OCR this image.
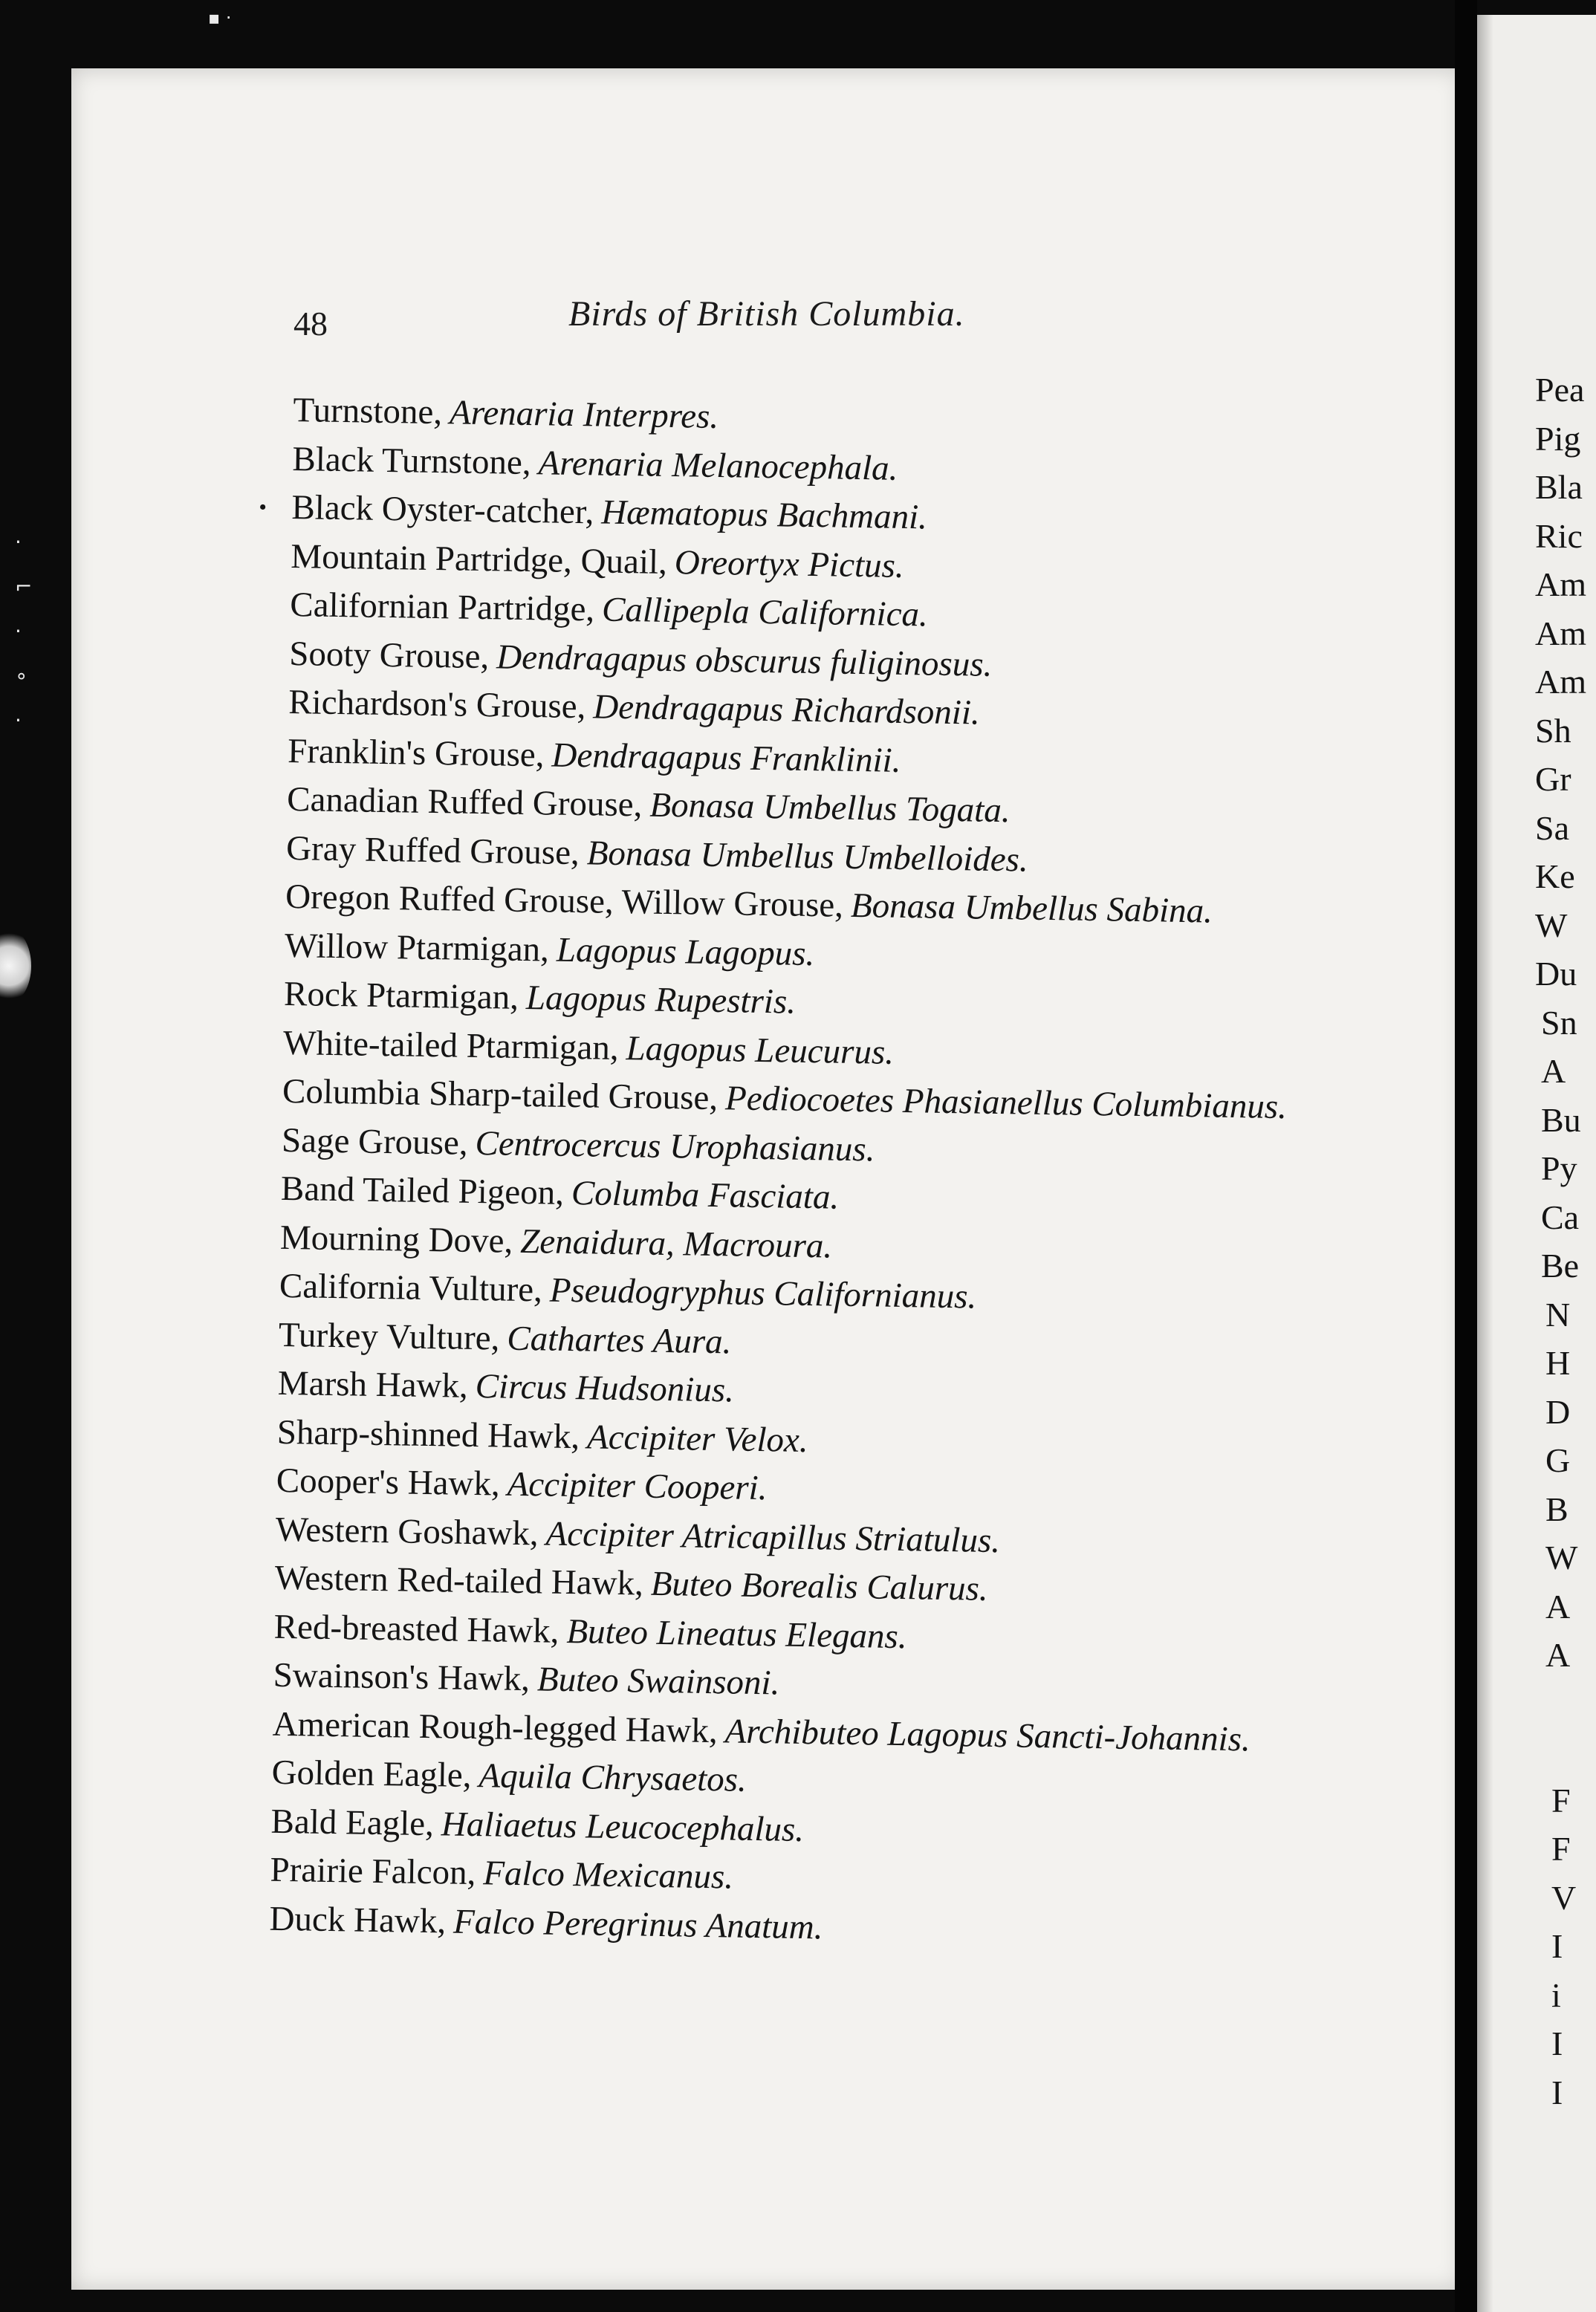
▪ ·
·
⌐
·
∘
·
48	Birds of British Columbia.
Turnstone, Arenaria Interpres.
Black Turnstone, Arenaria Melanocephala.
• Black Oyster-catcher, Hæmatopus Bachmani.
Mountain Partridge, Quail, Oreortyx Pictus.
Californian Partridge, Callipepla Californica.
Sooty Grouse, Dendragapus obscurus fuliginosus.
Richardson's Grouse, Dendragapus Richardsonii.
Franklin's Grouse, Dendragapus Franklinii.
Canadian Ruffed Grouse, Bonasa Umbellus Togata.
Gray Ruffed Grouse, Bonasa Umbellus Umbelloides.
Oregon Ruffed Grouse, Willow Grouse, Bonasa Umbellus Sabina.
Willow Ptarmigan, Lagopus Lagopus.
Rock Ptarmigan, Lagopus Rupestris.
White-tailed Ptarmigan, Lagopus Leucurus.
Columbia Sharp-tailed Grouse, Pediocoetes Phasianellus Columbianus.
Sage Grouse, Centrocercus Urophasianus.
Band Tailed Pigeon, Columba Fasciata.
Mourning Dove, Zenaidura, Macroura.
California Vulture, Pseudogryphus Californianus.
Turkey Vulture, Cathartes Aura.
Marsh Hawk, Circus Hudsonius.
Sharp-shinned Hawk, Accipiter Velox.
Cooper's Hawk, Accipiter Cooperi.
Western Goshawk, Accipiter Atricapillus Striatulus.
Western Red-tailed Hawk, Buteo Borealis Calurus.
Red-breasted Hawk, Buteo Lineatus Elegans.
Swainson's Hawk, Buteo Swainsoni.
American Rough-legged Hawk, Archibuteo Lagopus Sancti-Johannis.
Golden Eagle, Aquila Chrysaetos.
Bald Eagle, Haliaetus Leucocephalus.
Prairie Falcon, Falco Mexicanus.
Duck Hawk, Falco Peregrinus Anatum.
Pea
Pig
Bla
Ric
Am
Am
Am
Sh
Gr
Sa
Ke
W
Du
Sn
A
Bu
Py
Ca
Be
N
H
D
G
B
W
A
A
F
F
V
I
i
I
I
